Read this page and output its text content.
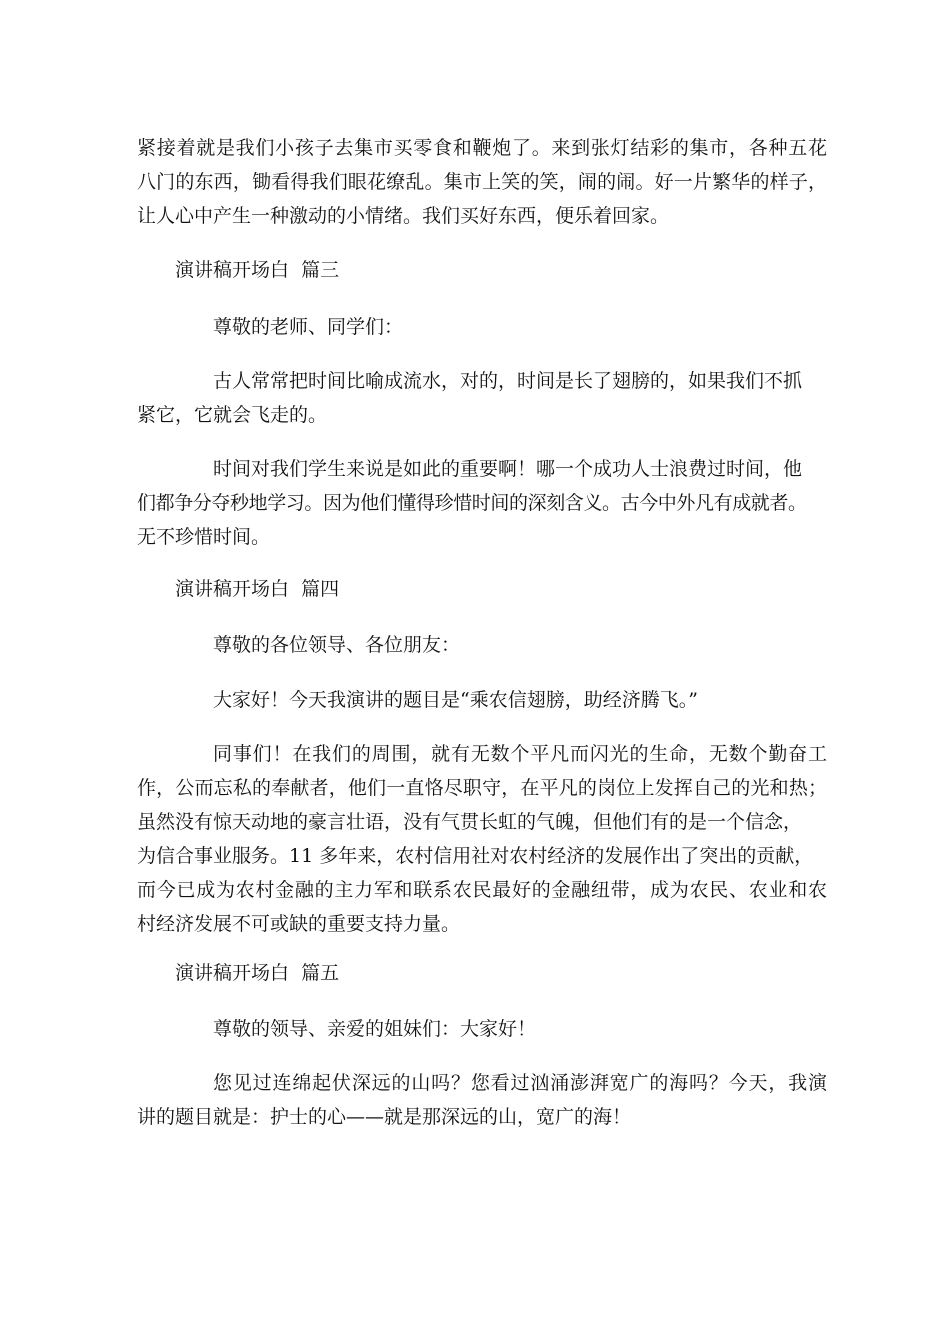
紧接着就是我们小孩子去集市买零食和鞭炮了。来到张灯结彩的集市，各种五花
八门的东西，锄看得我们眼花缭乱。集市上笑的笑，闹的闹。好一片繁华的样子，
让人心中产生一种激动的小情绪。我们买好东西，便乐着回家。
演讲稿开场白  篇三
尊敬的老师、同学们：
古人常常把时间比喻成流水，对的，时间是长了翅膀的，如果我们不抓
紧它，它就会飞走的。
时间对我们学生来说是如此的重要啊！哪一个成功人士浪费过时间，他
们都争分夺秒地学习。因为他们懂得珍惜时间的深刻含义。古今中外凡有成就者。
无不珍惜时间。
演讲稿开场白  篇四
尊敬的各位领导、各位朋友：
大家好！今天我演讲的题目是“乘农信翅膀，助经济腾飞。”
同事们！在我们的周围，就有无数个平凡而闪光的生命，无数个勤奋工
作，公而忘私的奉献者，他们一直恪尽职守，在平凡的岗位上发挥自己的光和热；
虽然没有惊天动地的豪言壮语，没有气贯长虹的气魄，但他们有的是一个信念，
为信合事业服务。11 多年来，农村信用社对农村经济的发展作出了突出的贡献，
而今已成为农村金融的主力军和联系农民最好的金融纽带，成为农民、农业和农
村经济发展不可或缺的重要支持力量。
演讲稿开场白  篇五
尊敬的领导、亲爱的姐妹们：大家好！
您见过连绵起伏深远的山吗？您看过汹涌澎湃宽广的海吗？今天，我演
讲的题目就是：护士的心——就是那深远的山，宽广的海！
